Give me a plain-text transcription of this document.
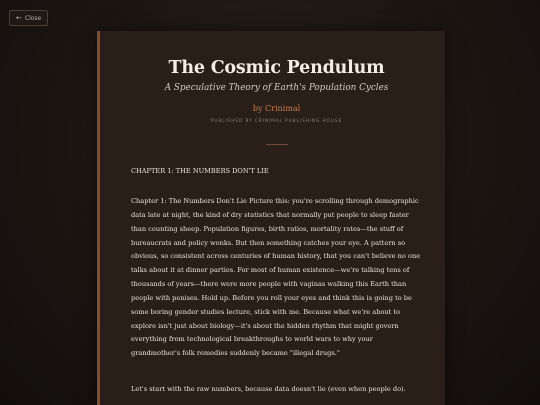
← Close
The Cosmic Pendulum
A Speculative Theory of Earth's Population Cycles
by Crinimal
PUBLISHED BY CRINIMAL PUBLISHING HOUSE
CHAPTER 1: THE NUMBERS DON'T LIE

Chapter 1: The Numbers Don't Lie Picture this: you're scrolling through demographic data late at night, the kind of dry statistics that normally put people to sleep faster than counting sheep. Population figures, birth ratios, mortality rates—the stuff of bureaucrats and policy wonks. But then something catches your eye. A pattern so obvious, so consistent across centuries of human history, that you can't believe no one talks about it at dinner parties. For most of human existence—we're talking tens of thousands of years—there were more people with vaginas walking this Earth than people with penises. Hold up. Before you roll your eyes and think this is going to be some boring gender studies lecture, stick with me. Because what we're about to explore isn't just about biology—it's about the hidden rhythm that might govern everything from technological breakthroughs to world wars to why your grandmother's folk remedies suddenly became "illegal drugs."

Let's start with the raw numbers, because data doesn't lie (even when people do).
